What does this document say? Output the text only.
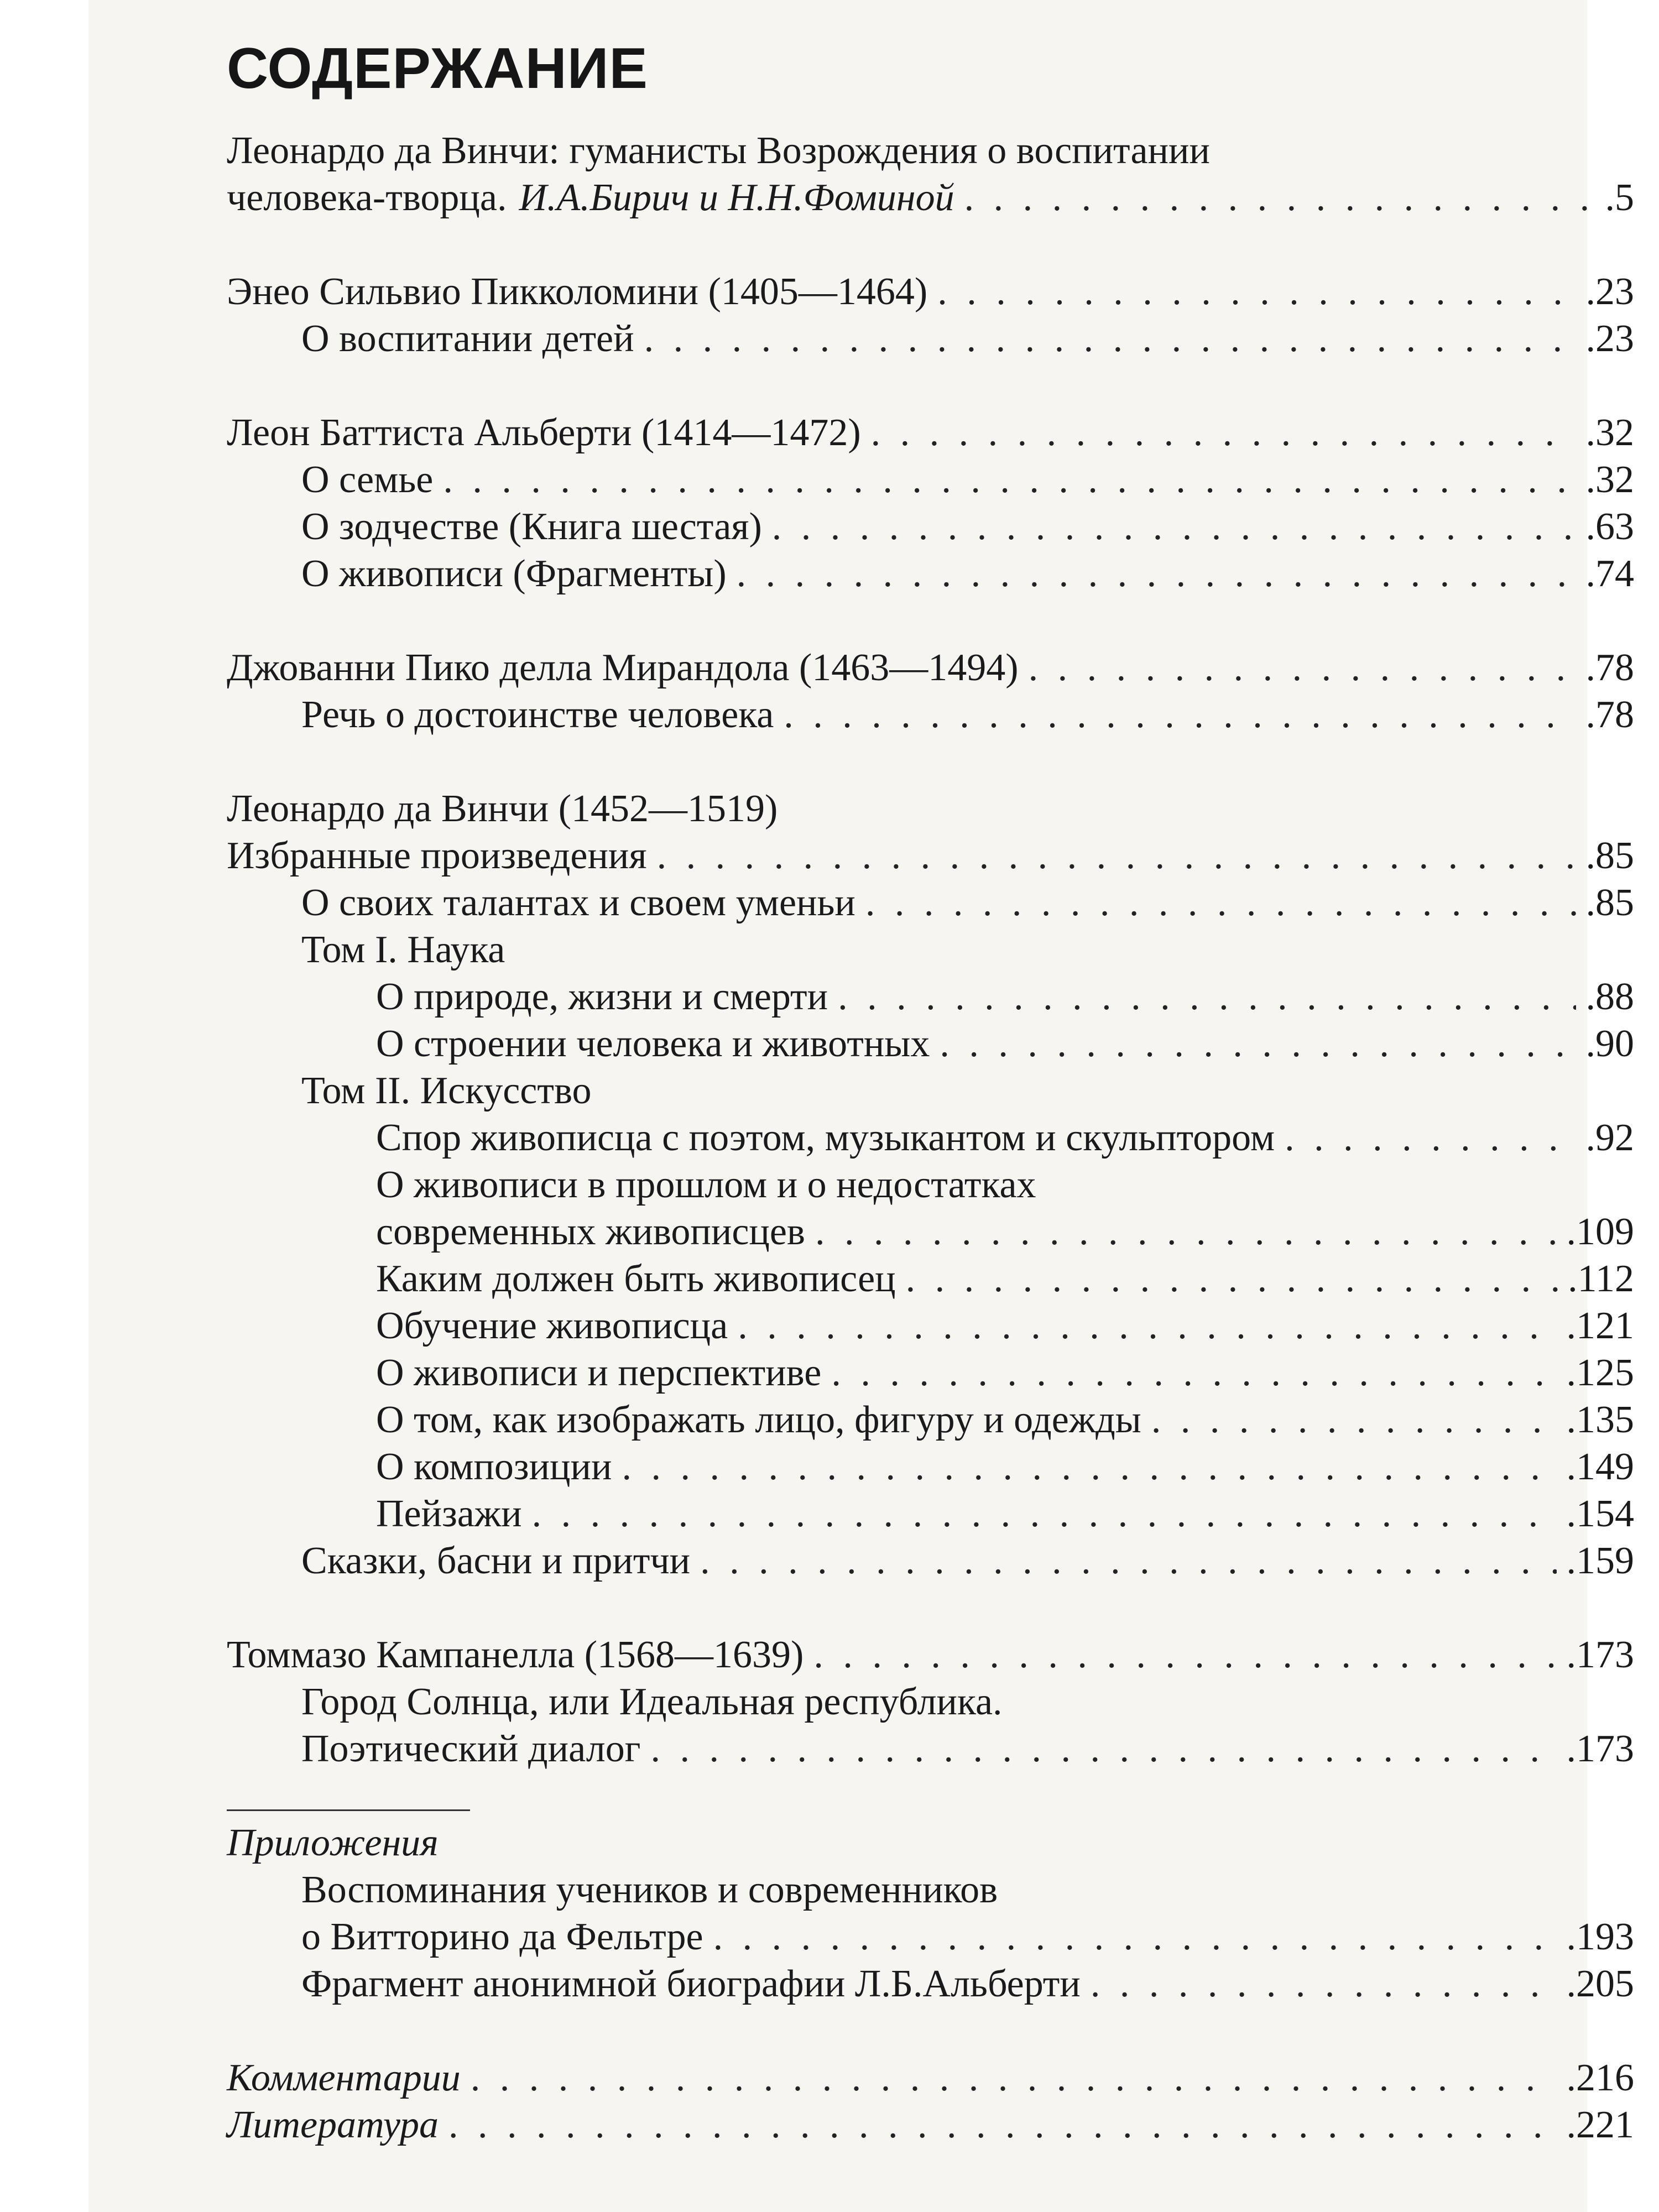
СОДЕРЖАНИЕ
Леонардо да Винчи: гуманисты Возрождения о воспитании
человека-творца. И.А.Бирич и Н.Н.Фоминой . . .	.5
Энео Сильвио Пикколомини (1405—1464) . . .	.23
О воспитании детей . . .	.23
Леон Баттиста Альберти (1414—1472) . . .	.32
О семье . . .	.32
О зодчестве (Книга шестая) . . .	.63
О живописи (Фрагменты) . . .	.74
Джованни Пико делла Мирандола (1463—1494) . . .	.78
Речь о достоинстве человека . . .	.78
Леонардо да Винчи (1452—1519)
Избранные произведения . . .	.85
О своих талантах и своем уменьи . . .	.85
Том I. Наука
О природе, жизни и смерти . . .	.88
О строении человека и животных . . .	.90
Том II. Искусство
Спор живописца с поэтом, музыкантом и скульптором . . .	.92
О живописи в прошлом и о недостатках
современных живописцев . . .	.109
Каким должен быть живописец . . .	.112
Обучение живописца . . .	.121
О живописи и перспективе . . .	.125
О том, как изображать лицо, фигуру и одежды . . .	.135
О композиции . . .	.149
Пейзажи . . .	.154
Сказки, басни и притчи . . .	.159
Томмазо Кампанелла (1568—1639) . . .	.173
Город Солнца, или Идеальная республика.
Поэтический диалог . . .	.173
Приложения
Воспоминания учеников и современников
о Витторино да Фельтре . . .	.193
Фрагмент анонимной биографии Л.Б.Альберти . . .	.205
Комментарии . . .	.216
Литература . . .	.221
